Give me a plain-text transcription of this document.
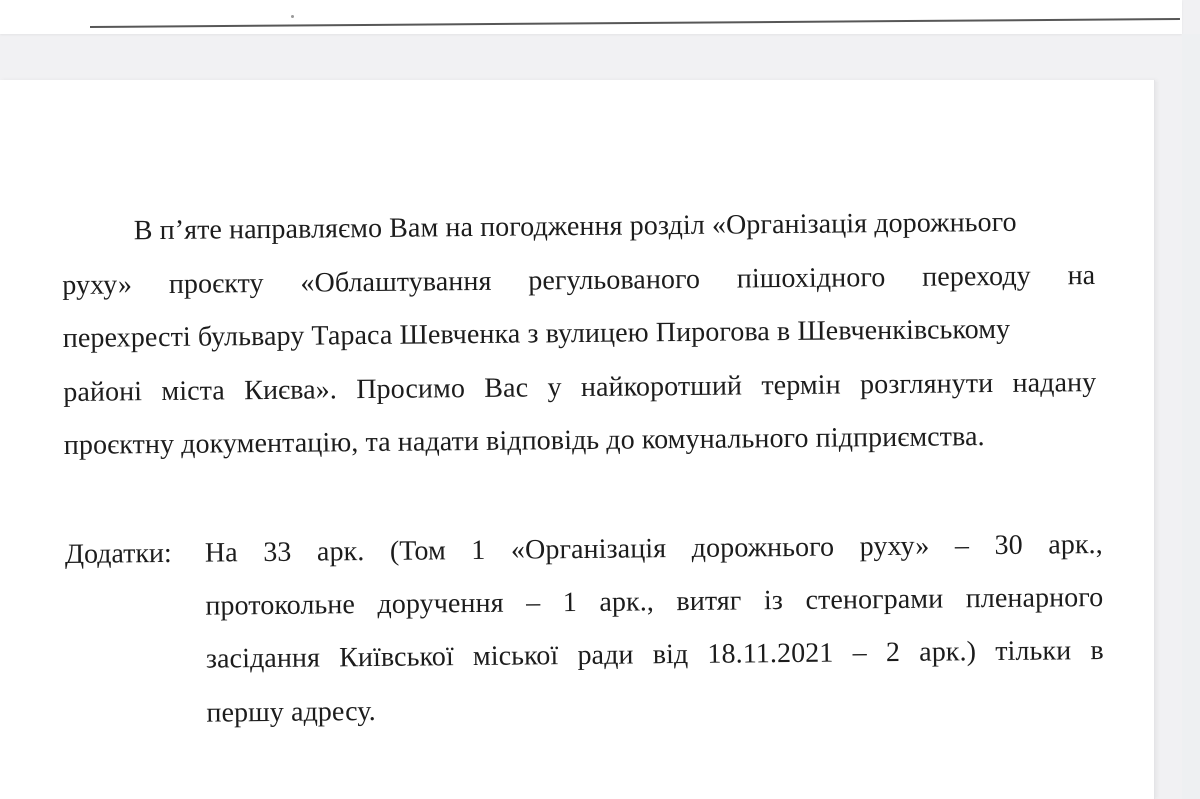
В п’яте направляємо Вам на погодження розділ «Організація дорожнього
руху» проєкту «Облаштування регульованого пішохідного переходу на
перехресті бульвару Тараса Шевченка з вулицею Пирогова в Шевченківському
районі міста Києва». Просимо Вас у найкоротший термін розглянути надану
проєктну документацію, та надати відповідь до комунального підприємства.
Додатки: На 33 арк. (Том 1 «Організація дорожнього руху» – 30 арк.,
протокольне доручення – 1 арк., витяг із стенограми пленарного
засідання Київської міської ради від 18.11.2021 – 2 арк.) тільки в
першу адресу.
